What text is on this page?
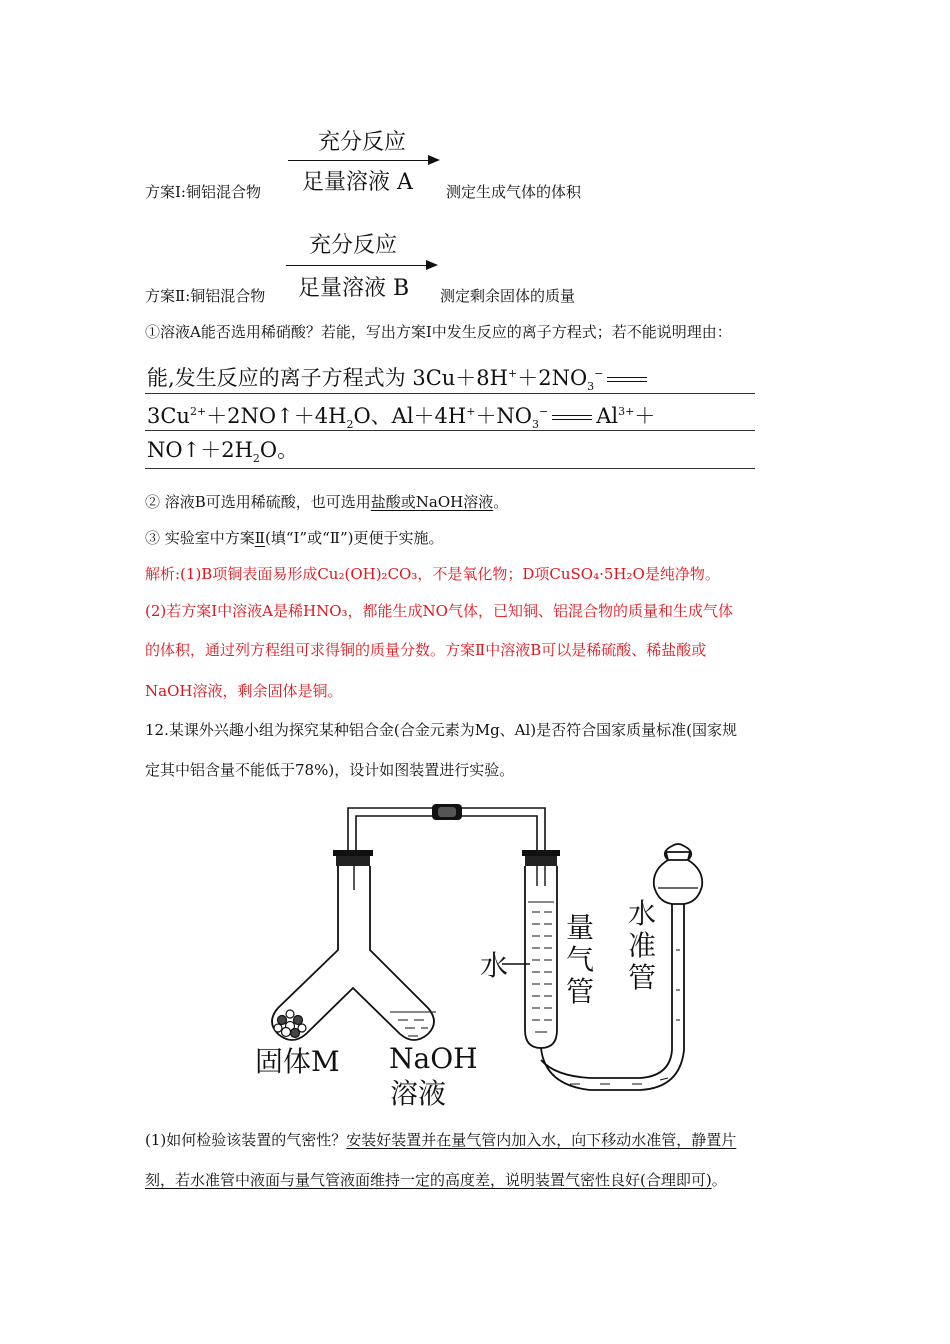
充分反应
足量溶液 A
方案Ⅰ:铜铝混合物	测定生成气体的体积
充分反应
足量溶液 B
方案Ⅱ:铜铝混合物	测定剩余固体的质量
①溶液A能否选用稀硝酸？若能，写出方案Ⅰ中发生反应的离子方程式；若不能说明理由：
能,发生反应的离子方程式为 $3Cu+8H^++2NO_3^-$
$3Cu^{2+}+2NO↑+4H_2O$、$Al+4H^++NO_3^-$ $Al^{3+}+$
$NO↑+2H_2O$。
② 溶液B可选用稀硫酸，也可选用盐酸或NaOH溶液。
③ 实验室中方案Ⅱ(填“Ⅰ”或“Ⅱ”)更便于实施。
解析:(1)B项铜表面易形成Cu₂(OH)₂CO₃，不是氧化物；D项CuSO₄·5H₂O是纯净物。
(2)若方案Ⅰ中溶液A是稀HNO₃，都能生成NO气体，已知铜、铝混合物的质量和生成气体
的体积，通过列方程组可求得铜的质量分数。方案Ⅱ中溶液B可以是稀硫酸、稀盐酸或
NaOH溶液，剩余固体是铜。
12.某课外兴趣小组为探究某种铝合金(合金元素为Mg、Al)是否符合国家质量标准(国家规
定其中铝含量不能低于78%)，设计如图装置进行实验。
固体M NaOH
溶液
水
量气管
水准管
(1)如何检验该装置的气密性？安装好装置并在量气管内加入水，向下移动水准管，静置片
刻，若水准管中液面与量气管液面维持一定的高度差，说明装置气密性良好(合理即可)。
